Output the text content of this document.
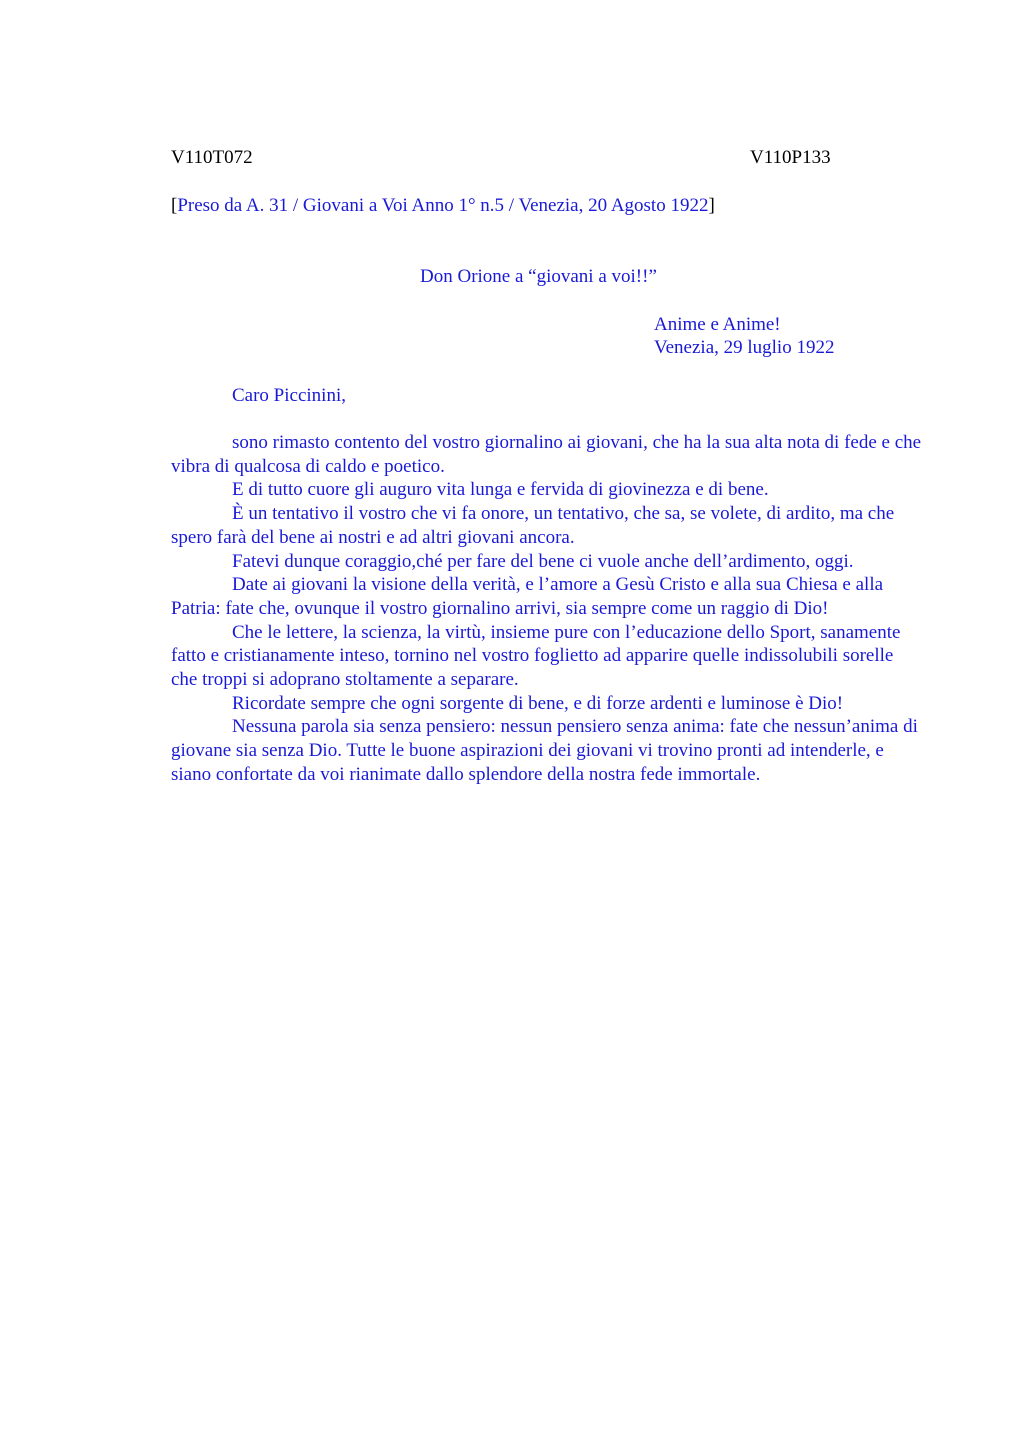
V110T072	V110P133
[Preso da A. 31 / Giovani a Voi Anno 1° n.5 / Venezia, 20 Agosto 1922]
Don Orione a “giovani a voi!!”
Anime e Anime!
Venezia, 29 luglio 1922
Caro Piccinini,

sono rimasto contento del vostro giornalino ai giovani, che ha la sua alta nota di fede e che vibra di qualcosa di caldo e poetico.

E di tutto cuore gli auguro vita lunga e fervida di giovinezza e di bene.

È un tentativo il vostro che vi fa onore, un tentativo, che sa, se volete, di ardito, ma che spero farà del bene ai nostri e ad altri giovani ancora.

Fatevi dunque coraggio,ché per fare del bene ci vuole anche dell’ardimento, oggi.

Date ai giovani la visione della verità, e l’amore a Gesù Cristo e alla sua Chiesa e alla Patria: fate che, ovunque il vostro giornalino arrivi, sia sempre come un raggio di Dio!

Che le lettere, la scienza, la virtù, insieme pure con l’educazione dello Sport, sanamente fatto e cristianamente inteso, tornino nel vostro foglietto ad apparire quelle indissolubili sorelle che troppi si adoprano stoltamente a separare.

Ricordate sempre che ogni sorgente di bene, e di forze ardenti e luminose è Dio!

Nessuna parola sia senza pensiero: nessun pensiero senza anima: fate che nessun’anima di giovane sia senza Dio. Tutte le buone aspirazioni dei giovani vi trovino pronti ad intenderle, e siano confortate da voi rianimate dallo splendore della nostra fede immortale.
